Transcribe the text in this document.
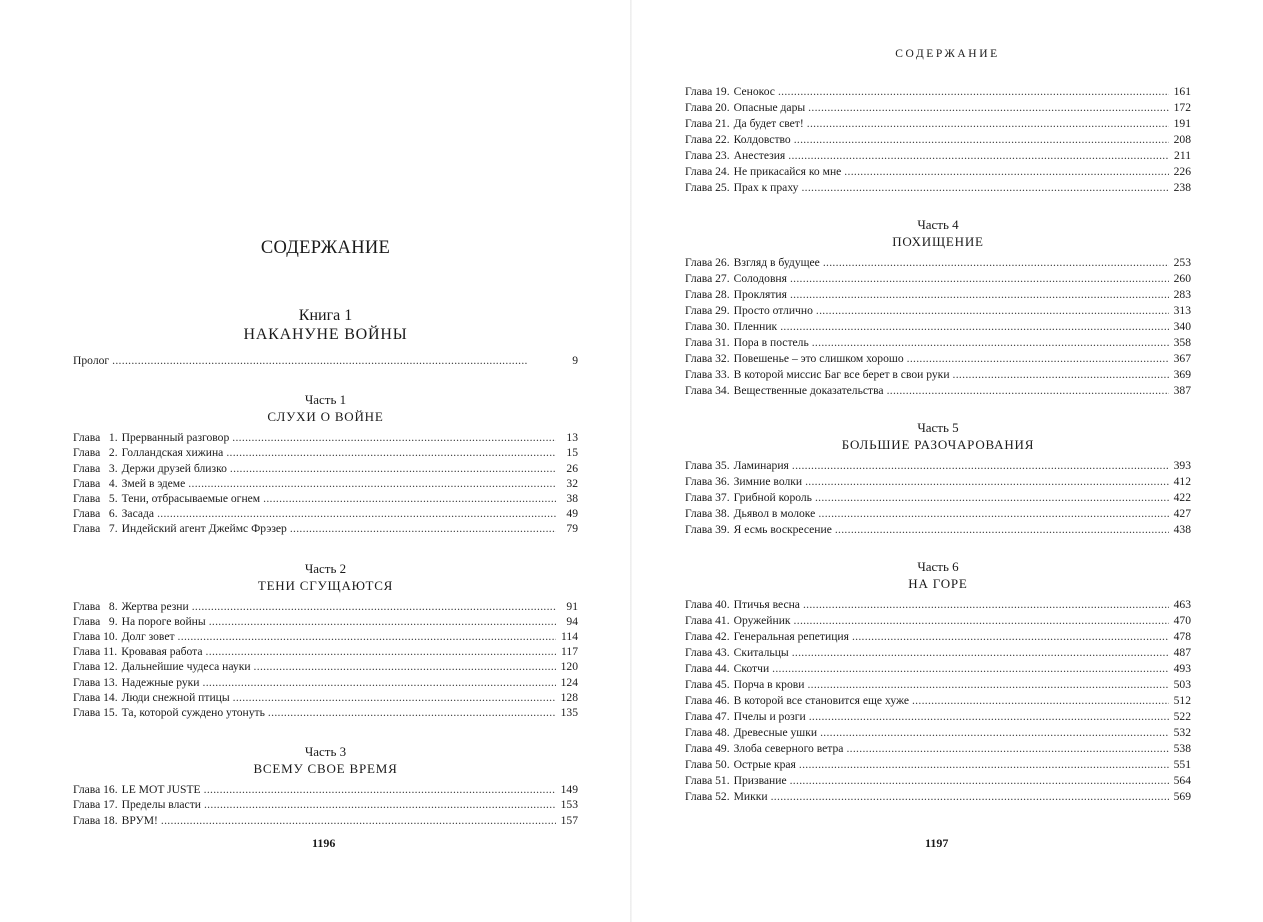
СОДЕРЖАНИЕ
Книга 1
НАКАНУНЕ ВОЙНЫ
Пролог . . .	9
Часть 1
СЛУХИ О ВОЙНЕ
Глава   1. Прерванный разговор . . .	13
Глава   2. Голландская хижина . . .	15
Глава   3. Держи друзей близко . . .	26
Глава   4. Змей в эдеме . . .	32
Глава   5. Тени, отбрасываемые огнем . . .	38
Глава   6. Засада . . .	49
Глава   7. Индейский агент Джеймс Фрэзер . . .	79
Часть 2
ТЕНИ СГУЩАЮТСЯ
Глава   8. Жертва резни . . .	91
Глава   9. На пороге войны . . .	94
Глава 10. Долг зовет . . .	114
Глава 11. Кровавая работа . . .	117
Глава 12. Дальнейшие чудеса науки . . .	120
Глава 13. Надежные руки . . .	124
Глава 14. Люди снежной птицы . . .	128
Глава 15. Та, которой суждено утонуть . . .	135
Часть 3
ВСЕМУ СВОЕ ВРЕМЯ
Глава 16. LE MOT JUSTE . . .	149
Глава 17. Пределы власти . . .	153
Глава 18. ВРУМ! . . .	157
1196
СОДЕРЖАНИЕ
Глава 19. Сенокос . . .	161
Глава 20. Опасные дары . . .	172
Глава 21. Да будет свет! . . .	191
Глава 22. Колдовство . . .	208
Глава 23. Анестезия . . .	211
Глава 24. Не прикасайся ко мне . . .	226
Глава 25. Прах к праху . . .	238
Часть 4
ПОХИЩЕНИЕ
Глава 26. Взгляд в будущее . . .	253
Глава 27. Солодовня . . .	260
Глава 28. Проклятия . . .	283
Глава 29. Просто отлично . . .	313
Глава 30. Пленник . . .	340
Глава 31. Пора в постель . . .	358
Глава 32. Повешенье – это слишком хорошо . . .	367
Глава 33. В которой миссис Баг все берет в свои руки . . .	369
Глава 34. Вещественные доказательства . . .	387
Часть 5
БОЛЬШИЕ РАЗОЧАРОВАНИЯ
Глава 35. Ламинария . . .	393
Глава 36. Зимние волки . . .	412
Глава 37. Грибной король . . .	422
Глава 38. Дьявол в молоке . . .	427
Глава 39. Я есмь воскресение . . .	438
Часть 6
НА ГОРЕ
Глава 40. Птичья весна . . .	463
Глава 41. Оружейник . . .	470
Глава 42. Генеральная репетиция . . .	478
Глава 43. Скитальцы . . .	487
Глава 44. Скотчи . . .	493
Глава 45. Порча в крови . . .	503
Глава 46. В которой все становится еще хуже . . .	512
Глава 47. Пчелы и розги . . .	522
Глава 48. Древесные ушки . . .	532
Глава 49. Злоба северного ветра . . .	538
Глава 50. Острые края . . .	551
Глава 51. Призвание . . .	564
Глава 52. Микки . . .	569
1197
